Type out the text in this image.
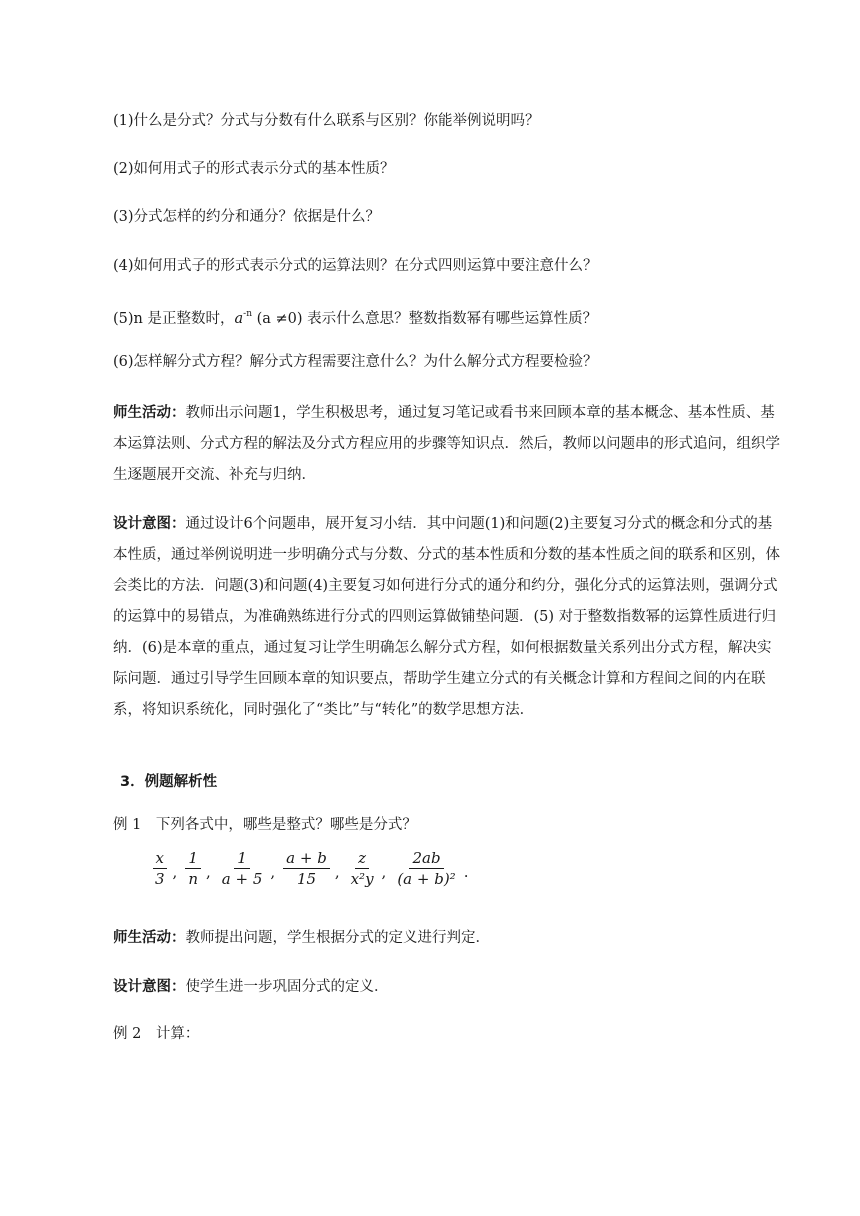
(1)什么是分式？分式与分数有什么联系与区别？你能举例说明吗？
(2)如何用式子的形式表示分式的基本性质？
(3)分式怎样的约分和通分？依据是什么？
(4)如何用式子的形式表示分式的运算法则？在分式四则运算中要注意什么？
(5)n 是正整数时，$a^{-n}$ (a ≠0) 表示什么意思？整数指数幂有哪些运算性质？
(6)怎样解分式方程？解分式方程需要注意什么？为什么解分式方程要检验？
师生活动：教师出示问题1，学生积极思考，通过复习笔记或看书来回顾本章的基本概念、基本性质、基本运算法则、分式方程的解法及分式方程应用的步骤等知识点．然后，教师以问题串的形式追问，组织学生逐题展开交流、补充与归纳．
设计意图：通过设计6个问题串，展开复习小结．其中问题(1)和问题(2)主要复习分式的概念和分式的基本性质，通过举例说明进一步明确分式与分数、分式的基本性质和分数的基本性质之间的联系和区别，体会类比的方法．问题(3)和问题(4)主要复习如何进行分式的通分和约分，强化分式的运算法则，强调分式的运算中的易错点，为准确熟练进行分式的四则运算做铺垫问题．(5) 对于整数指数幂的运算性质进行归纳．(6)是本章的重点，通过复习让学生明确怎么解分式方程，如何根据数量关系列出分式方程，解决实际问题．通过引导学生回顾本章的知识要点，帮助学生建立分式的有关概念计算和方程间之间的内在联系，将知识系统化，同时强化了“类比”与“转化”的数学思想方法．
3．例题解析性
例 1　下列各式中，哪些是整式？哪些是分式？
$\frac{x}{3}$ , $\frac{1}{n}$ , $\frac{1}{a + 5}$ , $\frac{a + b}{15}$ , $\frac{z}{\text{x²y}}$ , $\frac{2ab}{\text{(a + b)²}}$ .
师生活动：教师提出问题，学生根据分式的定义进行判定．
设计意图：使学生进一步巩固分式的定义．
例 2　计算：
